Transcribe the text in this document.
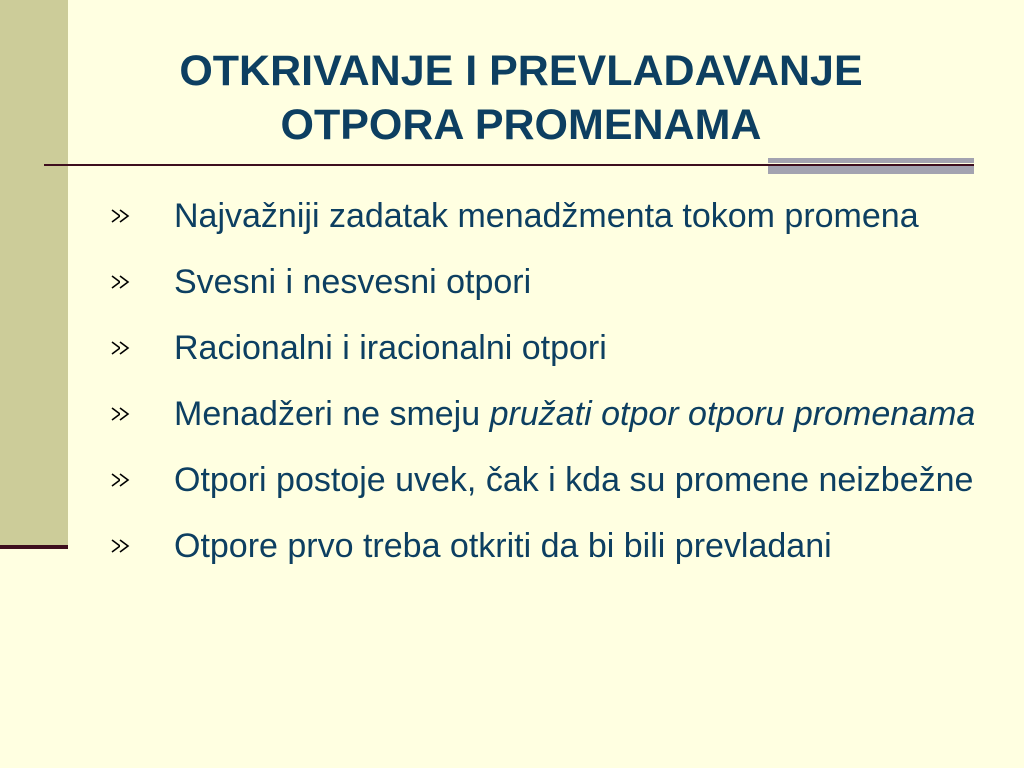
OTKRIVANJE I PREVLADAVANJE
OTPORA PROMENAMA
Najvažniji zadatak menadžmenta tokom promena
Svesni i nesvesni otpori
Racionalni i iracionalni otpori
Menadžeri ne smeju pružati otpor otporu promenama
Otpori postoje uvek, čak i kda su promene neizbežne
Otpore prvo treba otkriti da bi bili prevladani
